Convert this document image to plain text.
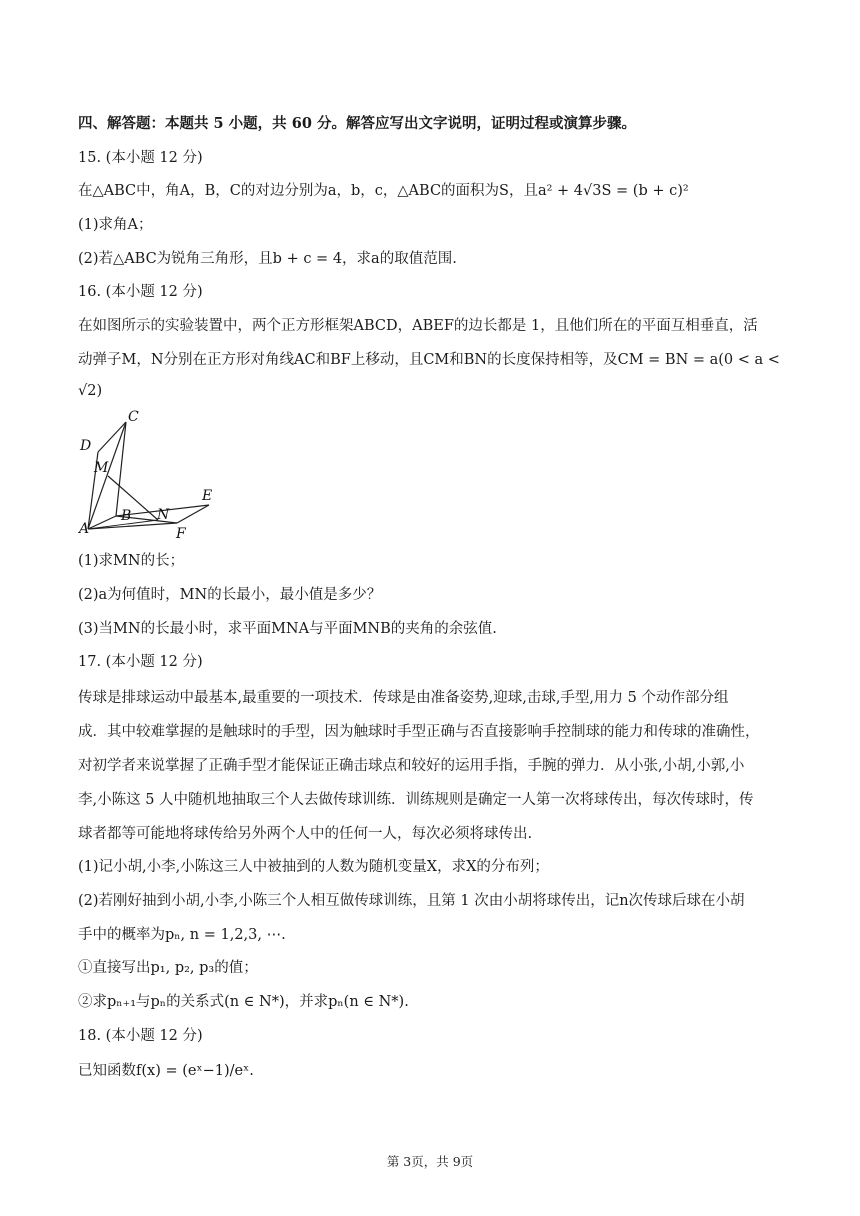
四、解答题：本题共 5 小题，共 60 分。解答应写出文字说明，证明过程或演算步骤。
15. (本小题 12 分)
在△ABC中，角A，B，C的对边分别为a，b，c，△ABC的面积为S，且a² + 4√3S = (b + c)²
(1)求角A；
(2)若△ABC为锐角三角形，且b + c = 4，求a的取值范围.
16. (本小题 12 分)
在如图所示的实验装置中，两个正方形框架ABCD，ABEF的边长都是 1，且他们所在的平面互相垂直，活
动弹子M，N分别在正方形对角线AC和BF上移动，且CM和BN的长度保持相等，及CM = BN = a(0 < a <
√2)
C
D
M
E
B N
A	F
(1)求MN的长；
(2)a为何值时，MN的长最小，最小值是多少？
(3)当MN的长最小时，求平面MNA与平面MNB的夹角的余弦值.
17. (本小题 12 分)
传球是排球运动中最基本,最重要的一项技术．传球是由准备姿势,迎球,击球,手型,用力 5 个动作部分组
成．其中较难掌握的是触球时的手型，因为触球时手型正确与否直接影响手控制球的能力和传球的准确性，
对初学者来说掌握了正确手型才能保证正确击球点和较好的运用手指，手腕的弹力．从小张,小胡,小郭,小
李,小陈这 5 人中随机地抽取三个人去做传球训练．训练规则是确定一人第一次将球传出，每次传球时，传
球者都等可能地将球传给另外两个人中的任何一人，每次必须将球传出.
(1)记小胡,小李,小陈这三人中被抽到的人数为随机变量X，求X的分布列；
(2)若刚好抽到小胡,小李,小陈三个人相互做传球训练，且第 1 次由小胡将球传出，记n次传球后球在小胡
手中的概率为pₙ, n = 1,2,3, ⋯.
①直接写出p₁, p₂, p₃的值；
②求pₙ₊₁与pₙ的关系式(n ∈ N*)，并求pₙ(n ∈ N*).
18. (本小题 12 分)
已知函数f(x) = (eˣ−1)/eˣ.
第 3页，共 9页
